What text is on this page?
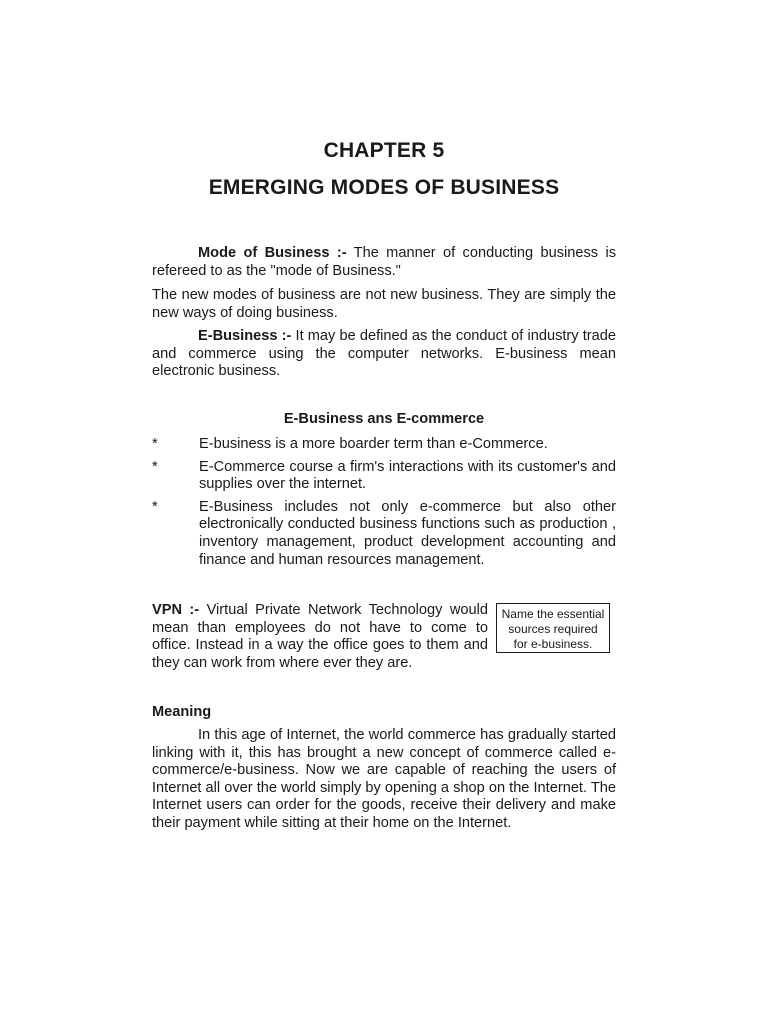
CHAPTER 5
EMERGING MODES OF BUSINESS

Mode of Business :- The manner of conducting business is refereed to as the "mode of Business."

The new modes of business are not new business. They are simply the new ways of doing business.

E-Business :- It may be defined as the conduct of industry trade and commerce using the computer networks. E-business mean electronic business.

E-Business ans E-commerce
*	E-business is a more boarder term than e-Commerce.
*	E-Commerce course a firm's interactions with its customer's and supplies over the internet.
*	E-Business includes not only e-commerce but also other electronically conducted business functions such as production , inventory management, product development accounting and finance and human resources management.

VPN :- Virtual Private Network Technology would mean than employees do not have to come to office. Instead in a way the office goes to them and they can work from where ever they are.

Name the essential
sources required
for e-business.
Meaning

In this age of Internet, the world commerce has gradually started linking with it, this has brought a new concept of commerce called e-commerce/e-business. Now we are capable of reaching the users of Internet all over the world simply by opening a shop on the Internet. The Internet users can order for the goods, receive their delivery and make their payment while sitting at their home on the Internet.
